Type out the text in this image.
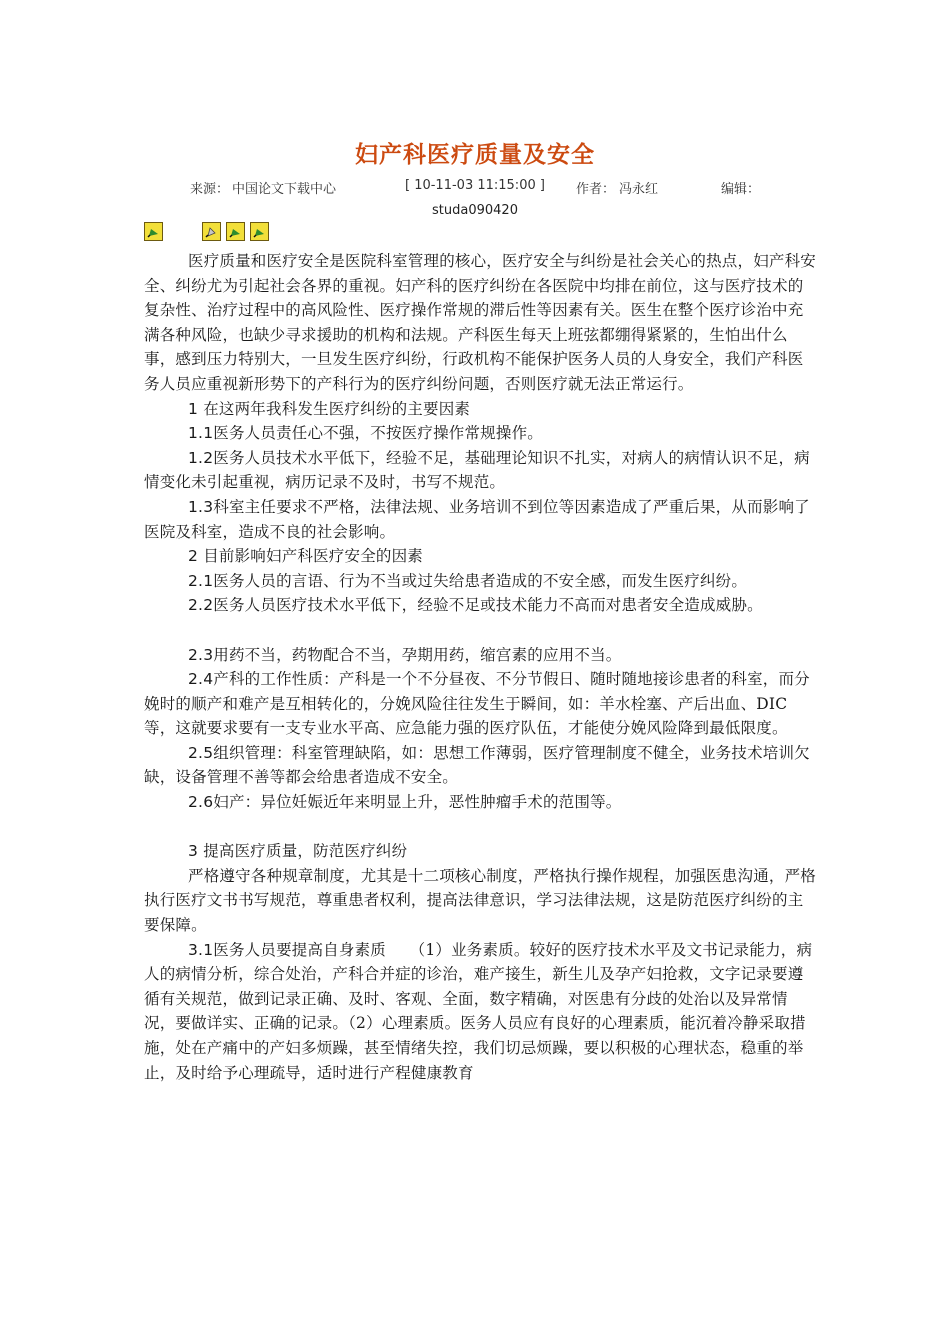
妇产科医疗质量及安全
来源： 中国论文下载中心	[ 10-11-03 11:15:00 ] 作者： 冯永红	编辑：
studa090420

医疗质量和医疗安全是医院科室管理的核心，医疗安全与纠纷是社会关心的热点，妇产科安全、纠纷尤为引起社会各界的重视。妇产科的医疗纠纷在各医院中均排在前位，这与医疗技术的复杂性、治疗过程中的高风险性、医疗操作常规的滞后性等因素有关。医生在整个医疗诊治中充满各种风险，也缺少寻求援助的机构和法规。产科医生每天上班弦都绷得紧紧的，生怕出什么事，感到压力特别大，一旦发生医疗纠纷，行政机构不能保护医务人员的人身安全，我们产科医务人员应重视新形势下的产科行为的医疗纠纷问题，否则医疗就无法正常运行。

1 在这两年我科发生医疗纠纷的主要因素

1.1医务人员责任心不强，不按医疗操作常规操作。

1.2医务人员技术水平低下，经验不足，基础理论知识不扎实，对病人的病情认识不足，病情变化未引起重视，病历记录不及时，书写不规范。

1.3科室主任要求不严格，法律法规、业务培训不到位等因素造成了严重后果，从而影响了医院及科室，造成不良的社会影响。

2 目前影响妇产科医疗安全的因素

2.1医务人员的言语、行为不当或过失给患者造成的不安全感，而发生医疗纠纷。

2.2医务人员医疗技术水平低下，经验不足或技术能力不高而对患者安全造成威胁。

2.3用药不当，药物配合不当，孕期用药，缩宫素的应用不当。

2.4产科的工作性质：产科是一个不分昼夜、不分节假日、随时随地接诊患者的科室，而分娩时的顺产和难产是互相转化的，分娩风险往往发生于瞬间，如：羊水栓塞、产后出血、DIC等，这就要求要有一支专业水平高、应急能力强的医疗队伍，才能使分娩风险降到最低限度。

2.5组织管理：科室管理缺陷，如：思想工作薄弱，医疗管理制度不健全，业务技术培训欠缺，设备管理不善等都会给患者造成不安全。

2.6妇产：异位妊娠近年来明显上升，恶性肿瘤手术的范围等。

3 提高医疗质量，防范医疗纠纷

严格遵守各种规章制度，尤其是十二项核心制度，严格执行操作规程，加强医患沟通，严格执行医疗文书书写规范，尊重患者权利，提高法律意识，学习法律法规，这是防范医疗纠纷的主要保障。

3.1医务人员要提高自身素质　　（1）业务素质。较好的医疗技术水平及文书记录能力，病人的病情分析，综合处治，产科合并症的诊治，难产接生，新生儿及孕产妇抢救，文字记录要遵循有关规范，做到记录正确、及时、客观、全面，数字精确，对医患有分歧的处治以及异常情况，要做详实、正确的记录。（2）心理素质。医务人员应有良好的心理素质，能沉着冷静采取措施，处在产痛中的产妇多烦躁，甚至情绪失控，我们切忌烦躁，要以积极的心理状态，稳重的举止，及时给予心理疏导，适时进行产程健康教育
